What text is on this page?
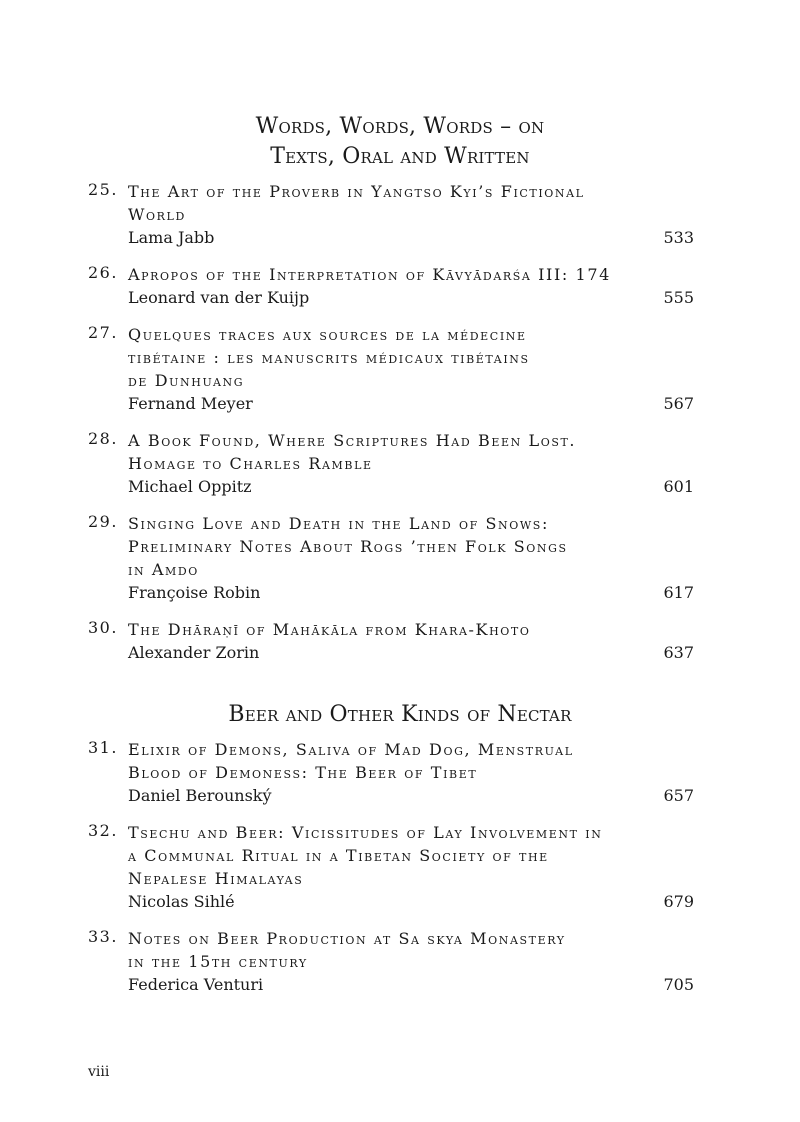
Words, Words, Words – on
Texts, Oral and Written
25. The Art of the Proverb in Yangtso Kyi’s Fictional
World
Lama Jabb	533
26. Apropos of the Interpretation of Kāvyādarśa III: 174
Leonard van der Kuijp	555
27. Quelques traces aux sources de la médecine
tibétaine : les manuscrits médicaux tibétains
de Dunhuang
Fernand Meyer	567
28. A Book Found, Where Scriptures Had Been Lost.
Homage to Charles Ramble
Michael Oppitz	601
29. Singing Love and Death in the Land of Snows:
Preliminary Notes About Rogs ’then Folk Songs
in Amdo
Françoise Robin	617
30. The Dhāraṇī of Mahākāla from Khara-Khoto
Alexander Zorin	637
Beer and Other Kinds of Nectar
31. Elixir of Demons, Saliva of Mad Dog, Menstrual
Blood of Demoness: The Beer of Tibet
Daniel Berounský	657
32. Tsechu and Beer: Vicissitudes of Lay Involvement in
a Communal Ritual in a Tibetan Society of the
Nepalese Himalayas
Nicolas Sihlé	679
33. Notes on Beer Production at Sa skya Monastery
in the 15th century
Federica Venturi	705
viii
